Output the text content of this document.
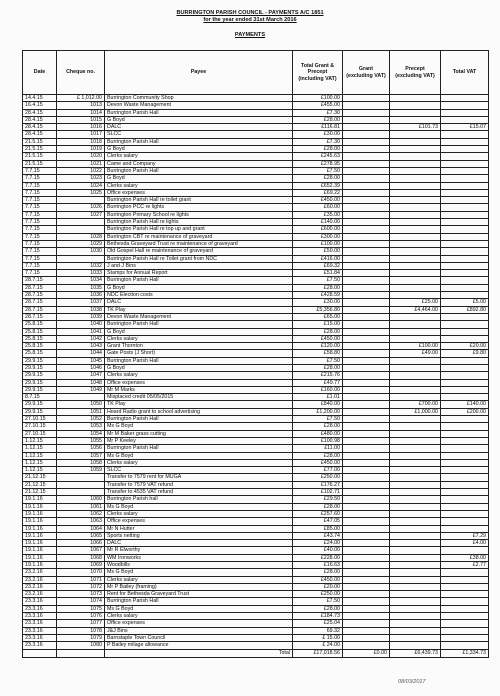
BURRINGTON PARISH COUNCIL - PAYMENTS A/C 1851
for the year ended 31st March 2016
PAYMENTS
Date	Cheque no.	Payee	Total Grant & Precept (including VAT)	Grant (excluding VAT)	Precept (excluding VAT)	Total VAT
14.4.15	£ 1,012.00	Burrington Community Shop	£100.00			
16.4.15	1013	Devon Waste Management	£455.00			
28.4.15	1014	Burrington Parish Hall	£7.30			
28.4.15	1015	G Boyd	£28.00			
28.4.15	1016	DALC	£116.81		£101.73	£15.07
28.4.15	1017	SLCC	£30.00			
21.5.15	1018	Burrington Parish Hall	£7.30			
21.5.15	1019	G Boyd	£28.00			
21.5.15	1020	Clerks salary	£245.63			
21.5.15	1021	Came and Company	£278.95			
7.7.15	1022	Burrington Parish Hall	£7.50			
7.7.15	1023	G Boyd	£28.00			
7.7.15	1024	Clerks salary	£652.39			
7.7.15	1025	Office expenses	£69.22			
7.7.15		Burrington Parish Hall re toilet grant	£450.00			
7.7.15	1026	Burrington PCC re lights	£60.00			
7.7.15	1027	Burrington Primary School re lights	£35.00			
7.7.15		Burrington Parish Hall re lights	£140.00			
7.7.15		Burrington Parish Hall re top up and grant	£600.00			
7.7.15	1028	Burrington CBT re maintenance of graveyard	£300.00			
7.7.15	1029	Bethesda Graveyard Trust re maintenance of graveyard	£100.00			
7.7.15	1030	Old Gospel Hall re maintenance of graveyard	£50.00			
7.7.15		Burrington Parish Hall re Toilet grant from NDC	£416.00			
7.7.15	1032	J and J Bins	£69.32			
7.7.15	1033	Stamps for Annual Report	£51.84			
28.7.15	1034	Burrington Parish Hall	£7.50			
28.7.15	1035	G Boyd	£28.00			
28.7.15	1036	NDC Election costs	£428.59			
28.7.15	1037	DALC	£30.00		£25.00	£5.00
28.7.15	1038	TK Play	£5,356.80		£4,464.00	£892.80
28.7.15	1039	Devon Waste Management	£65.00			
25.8.15	1040	Burrington Parish Hall	£15.00			
25.8.15	1041	G Boyd	£28.00			
25.8.15	1042	Clerks salary	£450.00			
25.8.15	1043	Grant Thornton	£120.00		£100.00	£20.00
25.8.15	1044	Gate Posts (J Short)	£58.80		£49.00	£9.80
29.9.15	1045	Burrington Parish Hall	£7.50			
29.9.15	1046	G Boyd	£28.00			
29.9.15	1047	Clerks salary	£215.76			
29.9.15	1048	Office expenses	£49.77			
29.9.15	1049	Mr M Marks	£160.00			
8.7.15		Misplaced credit 05/05/2015	£1.01			
29.9.15	1050	TK Play	£840.00		£700.00	£140.00
29.9.15	1051	Heard Radio grant to school advertising	£1,200.00		£1,000.00	£200.00
27.10.15	1052	Burrington Parish Hall	£7.50			
27.10.15	1053	Ms G Boyd	£28.00			
27.10.15	1054	Mr M Baker grass cutting	£480.00			
1.12.15	1055	Mr P Keeley	£100.98			
1.12.15	1056	Burrington Parish Hall	£11.00			
1.12.15	1057	Ms G Boyd	£28.00			
1.12.15	1058	Clerks salary	£450.00			
1.12.15	1059	SLCC	£77.00			
21.12.15		Transfer to 7579 rent for MUGA	£250.00			
21.12.15		Transfer to 7579 VAT refund	£176.27			
21.12.15		Transfer to 4535 VAT refund	£102.71			
19.1.16	1060	Burrington Parish hall	£29.50			
19.1.16	1061	Ms G Boyd	£28.00			
19.1.16	1062	Clerks salary	£257.60			
19.1.16	1063	Office expenses	£47.05			
19.1.16	1064	Mr N Hutter	£85.00			
19.1.16	1065	Sports netting	£43.74			£7.29
19.1.16	1066	DALC	£24.00			£4.00
19.1.16	1067	Mr R Elworthy	£40.00			
19.1.16	1068	WM Ironworks	£228.00			£38.00
19.1.16	1069	Woodbills	£16.63			£2.77
23.2.16	1070	Ms G Boyd	£28.00			
23.2.16	1071	Clerks salary	£450.00			
23.2.16	1072	Mr P Bailey (framing)	£20.00			
23.2.16	1073	Rent for Bethesda Graveyard Trust	£250.00			
23.3.16	1074	Burrington Parish Hall	£7.50			
23.3.16	1075	Ms G Boyd	£28.00			
23.3.16	1076	Clerks salary	£184.73			
23.3.16	1077	Office expenses	£25.04			
23.3.16	1078	J&J Bins	69.32			
23.3.16	1079	Barnstaple Town Council	£ 15.00			
23.3.16	1080	P Bailey milage allowance	£ 24.00			
		Total	£17,018.56	£0.00	£6,439.73	£1,334.73
08/03/2017
